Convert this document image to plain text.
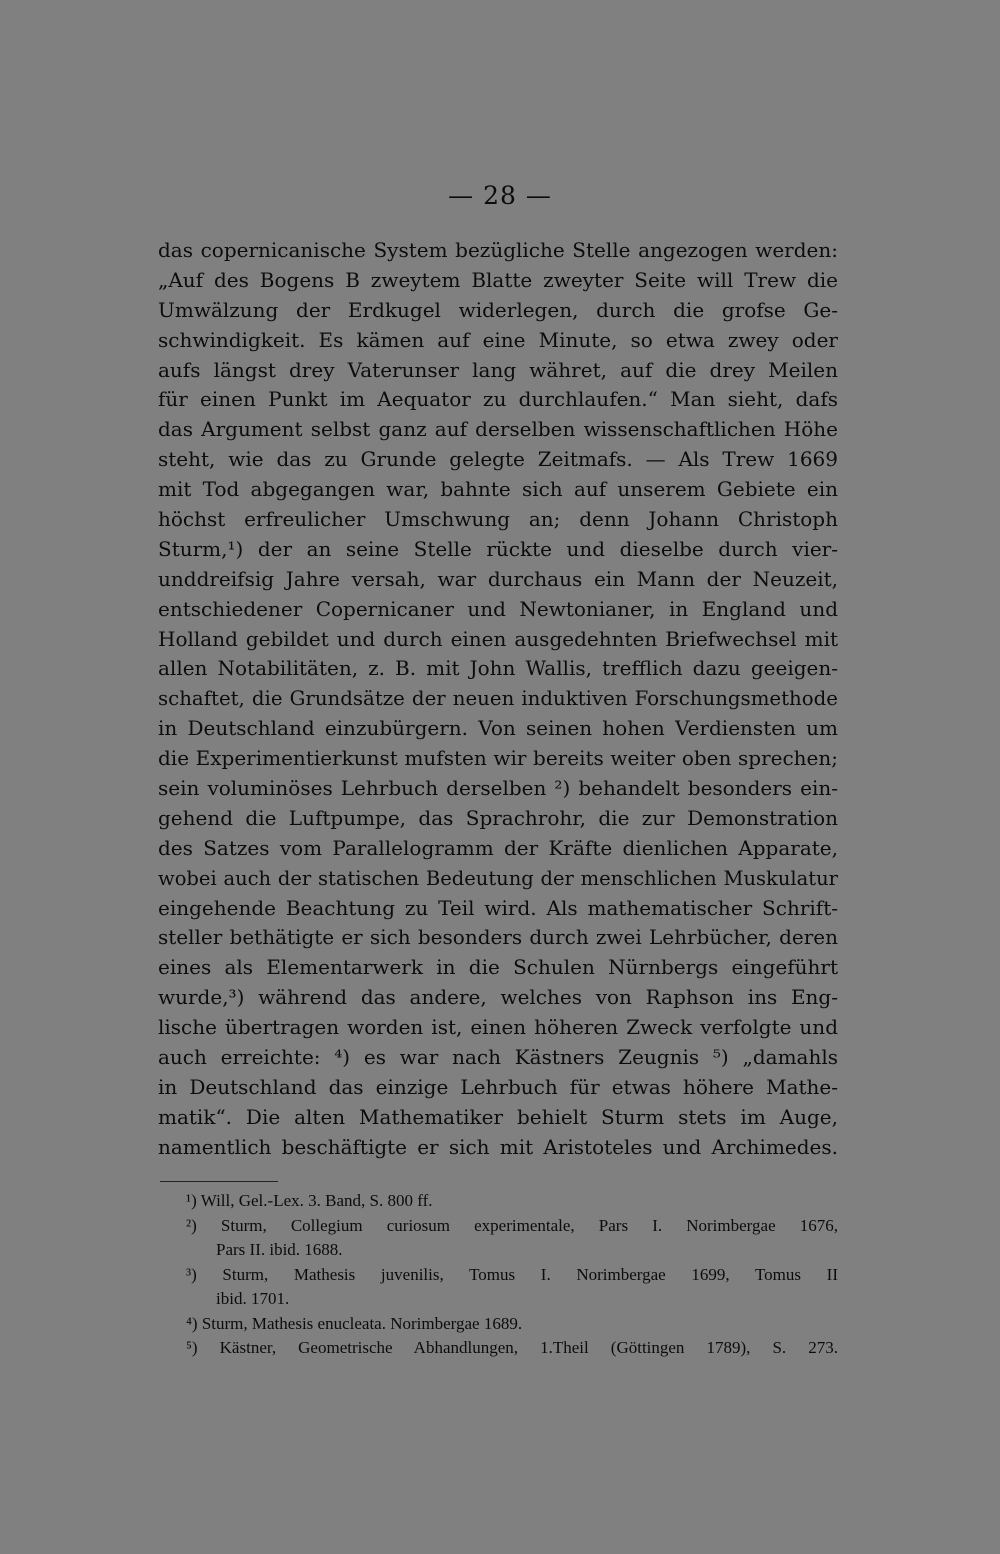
— 28 —
das copernicanische System bezügliche Stelle angezogen werden:
„Auf des Bogens B zweytem Blatte zweyter Seite will Trew die
Umwälzung der Erdkugel widerlegen, durch die grofse Ge-
schwindigkeit. Es kämen auf eine Minute, so etwa zwey oder
aufs längst drey Vaterunser lang währet, auf die drey Meilen
für einen Punkt im Aequator zu durchlaufen.“ Man sieht, dafs
das Argument selbst ganz auf derselben wissenschaftlichen Höhe
steht, wie das zu Grunde gelegte Zeitmafs. — Als Trew 1669
mit Tod abgegangen war, bahnte sich auf unserem Gebiete ein
höchst erfreulicher Umschwung an; denn Johann Christoph
Sturm,¹) der an seine Stelle rückte und dieselbe durch vier-
unddreifsig Jahre versah, war durchaus ein Mann der Neuzeit,
entschiedener Copernicaner und Newtonianer, in England und
Holland gebildet und durch einen ausgedehnten Briefwechsel mit
allen Notabilitäten, z. B. mit John Wallis, trefflich dazu geeigen-
schaftet, die Grundsätze der neuen induktiven Forschungsmethode
in Deutschland einzubürgern. Von seinen hohen Verdiensten um
die Experimentierkunst mufsten wir bereits weiter oben sprechen;
sein voluminöses Lehrbuch derselben ²) behandelt besonders ein-
gehend die Luftpumpe, das Sprachrohr, die zur Demonstration
des Satzes vom Parallelogramm der Kräfte dienlichen Apparate,
wobei auch der statischen Bedeutung der menschlichen Muskulatur
eingehende Beachtung zu Teil wird. Als mathematischer Schrift-
steller bethätigte er sich besonders durch zwei Lehrbücher, deren
eines als Elementarwerk in die Schulen Nürnbergs eingeführt
wurde,³) während das andere, welches von Raphson ins Eng-
lische übertragen worden ist, einen höheren Zweck verfolgte und
auch erreichte: ⁴) es war nach Kästners Zeugnis ⁵) „damahls
in Deutschland das einzige Lehrbuch für etwas höhere Mathe-
matik“. Die alten Mathematiker behielt Sturm stets im Auge,
namentlich beschäftigte er sich mit Aristoteles und Archimedes.
¹) Will, Gel.-Lex. 3. Band, S. 800 ff.
²) Sturm, Collegium curiosum experimentale, Pars I. Norimbergae 1676,
Pars II. ibid. 1688.
³) Sturm, Mathesis juvenilis, Tomus I. Norimbergae 1699, Tomus II
ibid. 1701.
⁴) Sturm, Mathesis enucleata. Norimbergae 1689.
⁵) Kästner, Geometrische Abhandlungen, 1.Theil (Göttingen 1789), S. 273.
